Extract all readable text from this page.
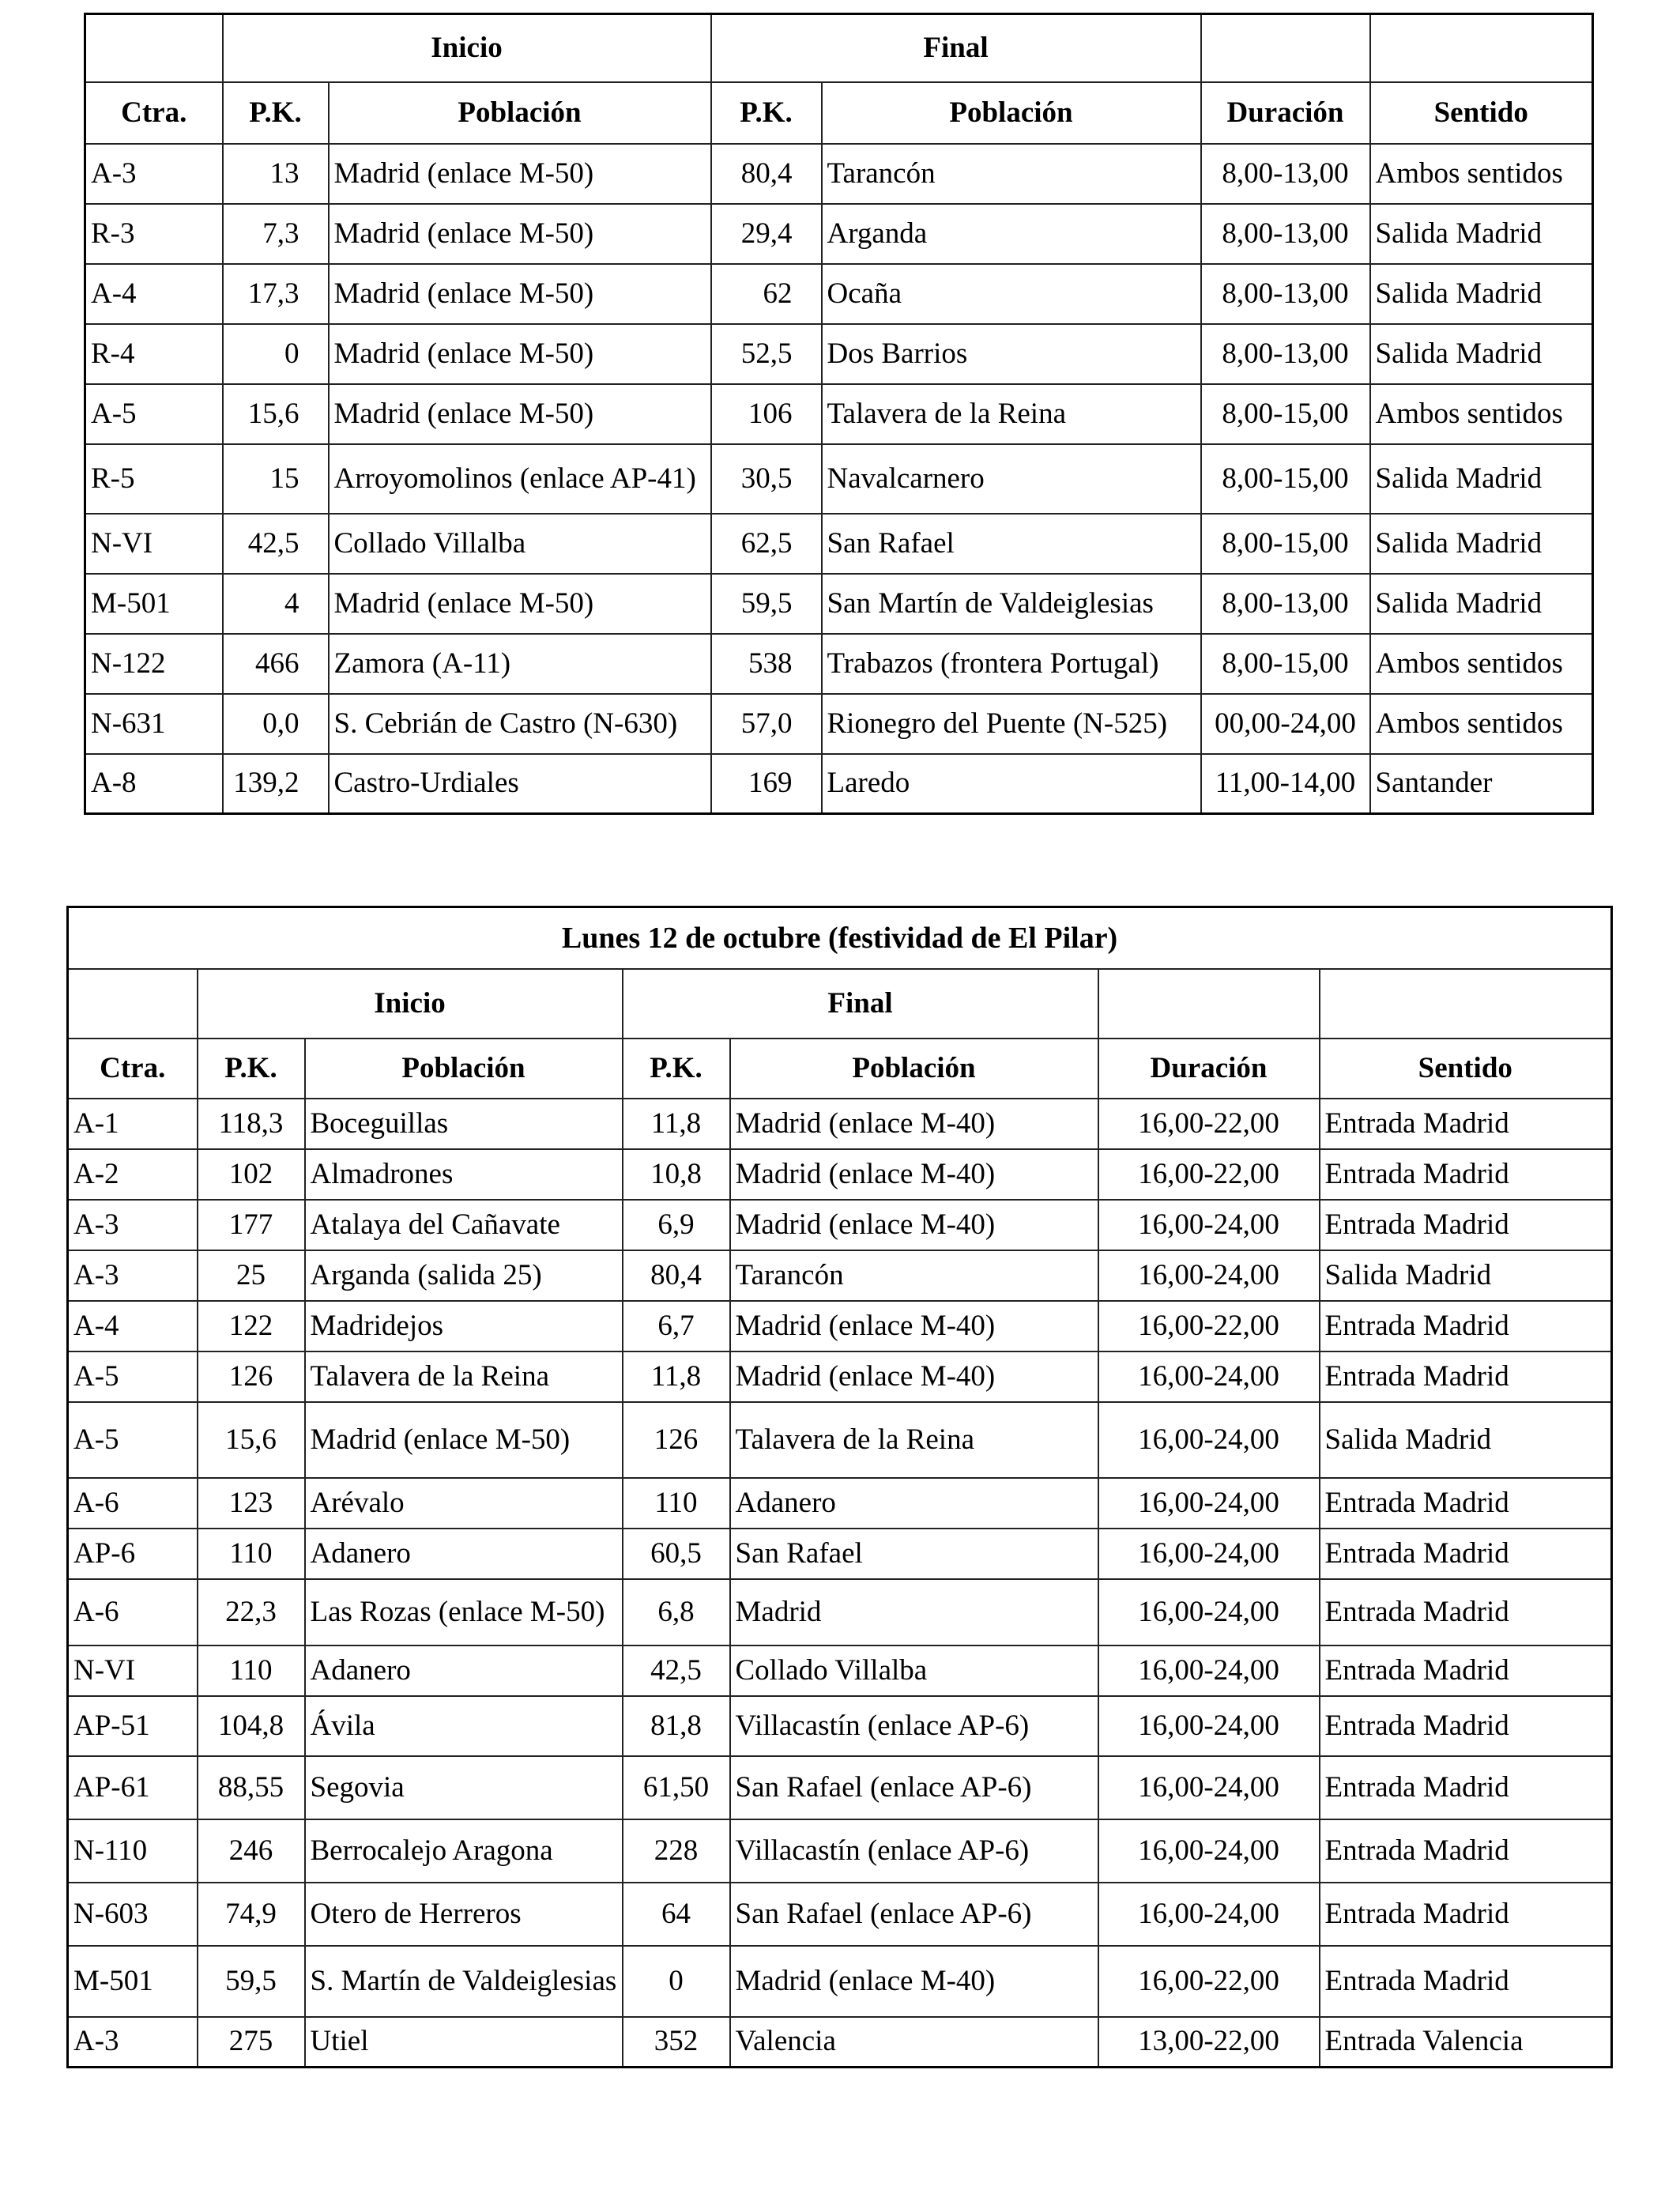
	Inicio		Final			
Ctra.	P.K.	Población	P.K.	Población	Duración	Sentido
A-3	13	Madrid (enlace M-50)	80,4	Tarancón	8,00-13,00	Ambos sentidos
R-3	7,3	Madrid (enlace M-50)	29,4	Arganda	8,00-13,00	Salida Madrid
A-4	17,3	Madrid (enlace M-50)	62	Ocaña	8,00-13,00	Salida Madrid
R-4	0	Madrid (enlace M-50)	52,5	Dos Barrios	8,00-13,00	Salida Madrid
A-5	15,6	Madrid (enlace M-50)	106	Talavera de la Reina	8,00-15,00	Ambos sentidos
R-5	15	Arroyomolinos (enlace AP-41)	30,5	Navalcarnero	8,00-15,00	Salida Madrid
N-VI	42,5	Collado Villalba	62,5	San Rafael	8,00-15,00	Salida Madrid
M-501	4	Madrid (enlace M-50)	59,5	San Martín de Valdeiglesias	8,00-13,00	Salida Madrid
N-122	466	Zamora (A-11)	538	Trabazos (frontera Portugal)	8,00-15,00	Ambos sentidos
N-631	0,0	S. Cebrián de Castro (N-630)	57,0	Rionegro del Puente (N-525)	00,00-24,00	Ambos sentidos
A-8	139,2	Castro-Urdiales	169	Laredo	11,00-14,00	Santander
Lunes 12 de octubre (festividad de El Pilar)						
	Inicio		Final			
Ctra.	P.K.	Población	P.K.	Población	Duración	Sentido
A-1	118,3	Boceguillas	11,8	Madrid (enlace M-40)	16,00-22,00	Entrada Madrid
A-2	102	Almadrones	10,8	Madrid (enlace M-40)	16,00-22,00	Entrada Madrid
A-3	177	Atalaya del Cañavate	6,9	Madrid (enlace M-40)	16,00-24,00	Entrada Madrid
A-3	25	Arganda (salida 25)	80,4	Tarancón	16,00-24,00	Salida Madrid
A-4	122	Madridejos	6,7	Madrid (enlace M-40)	16,00-22,00	Entrada Madrid
A-5	126	Talavera de la Reina	11,8	Madrid (enlace M-40)	16,00-24,00	Entrada Madrid
A-5	15,6	Madrid (enlace M-50)	126	Talavera de la Reina	16,00-24,00	Salida Madrid
A-6	123	Arévalo	110	Adanero	16,00-24,00	Entrada Madrid
AP-6	110	Adanero	60,5	San Rafael	16,00-24,00	Entrada Madrid
A-6	22,3	Las Rozas (enlace M-50)	6,8	Madrid	16,00-24,00	Entrada Madrid
N-VI	110	Adanero	42,5	Collado Villalba	16,00-24,00	Entrada Madrid
AP-51	104,8	Ávila	81,8	Villacastín (enlace AP-6)	16,00-24,00	Entrada Madrid
AP-61	88,55	Segovia	61,50	San Rafael (enlace AP-6)	16,00-24,00	Entrada Madrid
N-110	246	Berrocalejo Aragona	228	Villacastín (enlace AP-6)	16,00-24,00	Entrada Madrid
N-603	74,9	Otero de Herreros	64	San Rafael (enlace AP-6)	16,00-24,00	Entrada Madrid
M-501	59,5	S. Martín de Valdeiglesias	0	Madrid (enlace M-40)	16,00-22,00	Entrada Madrid
A-3	275	Utiel	352	Valencia	13,00-22,00	Entrada Valencia
